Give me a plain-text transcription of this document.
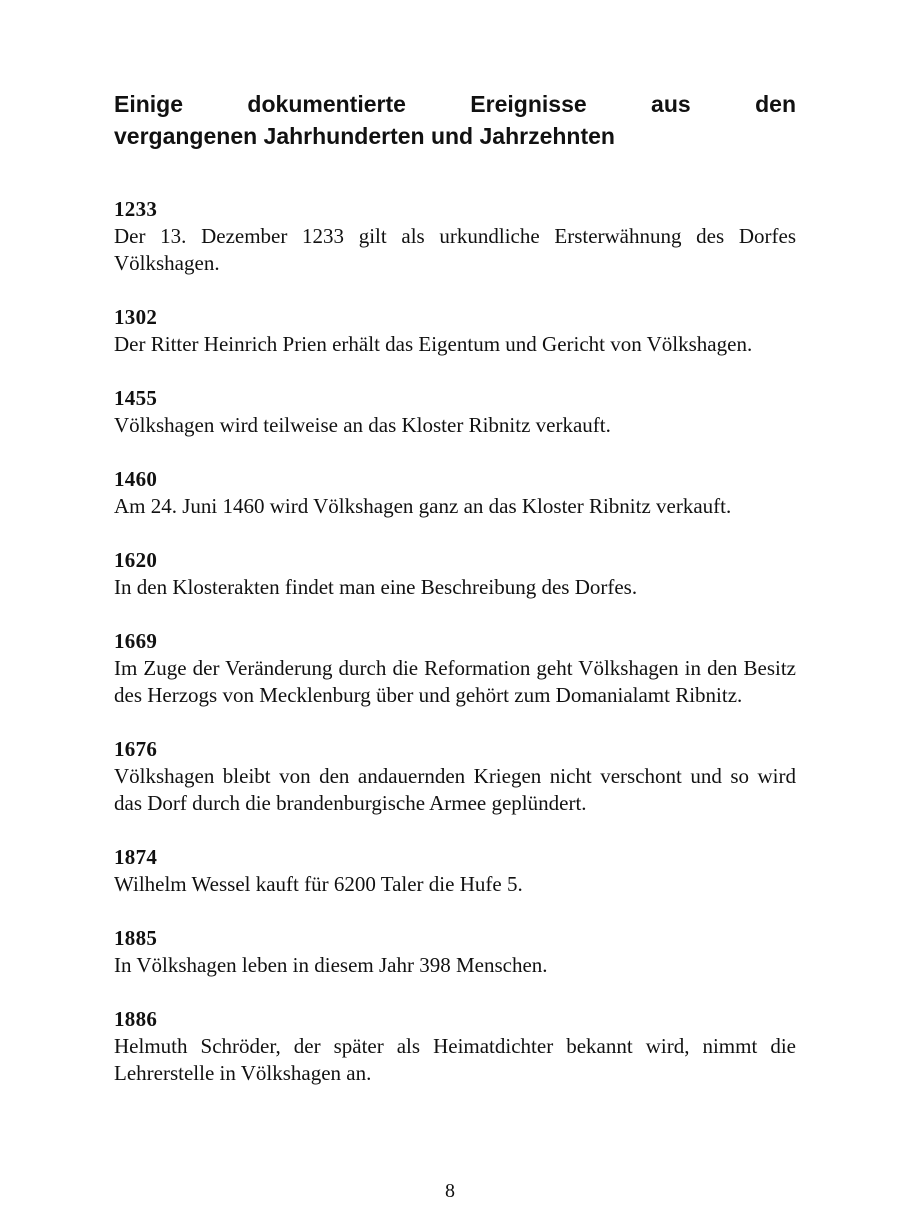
Einige dokumentierte Ereignisse aus den
vergangenen Jahrhunderten und Jahrzehnten

1233

Der 13. Dezember 1233 gilt als urkundliche Ersterwähnung des Dorfes Völkshagen.

1302

Der Ritter Heinrich Prien erhält das Eigentum und Gericht von Völkshagen.

1455

Völkshagen wird teilweise an das Kloster Ribnitz verkauft.

1460

Am 24. Juni 1460 wird Völkshagen ganz an das Kloster Ribnitz verkauft.

1620

In den Klosterakten findet man eine Beschreibung des Dorfes.

1669

Im Zuge der Veränderung durch die Reformation geht Völkshagen in den Besitz des Herzogs von Mecklenburg über und gehört zum Domanialamt Ribnitz.

1676

Völkshagen bleibt von den andauernden Kriegen nicht verschont und so wird das Dorf durch die brandenburgische Armee geplündert.

1874

Wilhelm Wessel kauft für 6200 Taler die Hufe 5.

1885

In Völkshagen leben in diesem Jahr 398 Menschen.

1886

Helmuth Schröder, der später als Heimatdichter bekannt wird, nimmt die Lehrerstelle in Völkshagen an.

8
